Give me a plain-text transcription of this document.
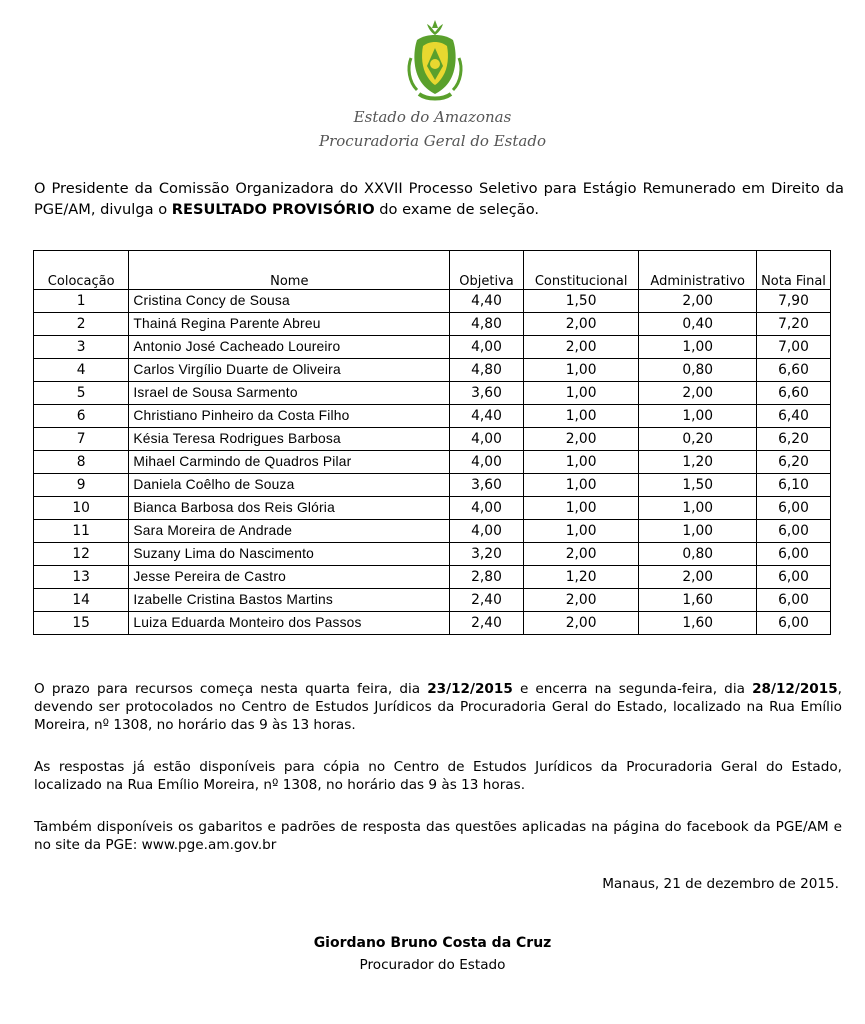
Estado do Amazonas
Procuradoria Geral do Estado
O Presidente da Comissão Organizadora do XXVII Processo Seletivo para Estágio Remunerado em Direito da PGE/AM, divulga o RESULTADO PROVISÓRIO do exame de seleção.
Colocação	Nome	Objetiva	Constitucional	Administrativo	Nota Final
1	Cristina Concy de Sousa	4,40	1,50	2,00	7,90
2	Thainá Regina Parente Abreu	4,80	2,00	0,40	7,20
3	Antonio José Cacheado Loureiro	4,00	2,00	1,00	7,00
4	Carlos Virgílio Duarte de Oliveira	4,80	1,00	0,80	6,60
5	Israel de Sousa Sarmento	3,60	1,00	2,00	6,60
6	Christiano Pinheiro da Costa Filho	4,40	1,00	1,00	6,40
7	Késia Teresa Rodrigues Barbosa	4,00	2,00	0,20	6,20
8	Mihael Carmindo de Quadros Pilar	4,00	1,00	1,20	6,20
9	Daniela Coêlho de Souza	3,60	1,00	1,50	6,10
10	Bianca Barbosa dos Reis Glória	4,00	1,00	1,00	6,00
11	Sara Moreira de Andrade	4,00	1,00	1,00	6,00
12	Suzany Lima do Nascimento	3,20	2,00	0,80	6,00
13	Jesse Pereira de Castro	2,80	1,20	2,00	6,00
14	Izabelle Cristina Bastos Martins	2,40	2,00	1,60	6,00
15	Luiza Eduarda Monteiro dos Passos	2,40	2,00	1,60	6,00
O prazo para recursos começa nesta quarta feira, dia 23/12/2015 e encerra na segunda-feira, dia 28/12/2015, devendo ser protocolados no Centro de Estudos Jurídicos da Procuradoria Geral do Estado, localizado na Rua Emílio Moreira, nº 1308, no horário das 9 às 13 horas.
As respostas já estão disponíveis para cópia no Centro de Estudos Jurídicos da Procuradoria Geral do Estado, localizado na Rua Emílio Moreira, nº 1308, no horário das 9 às 13 horas.
Também disponíveis os gabaritos e padrões de resposta das questões aplicadas na página do facebook da PGE/AM e no site da PGE: www.pge.am.gov.br
Manaus, 21 de dezembro de 2015.
Giordano Bruno Costa da Cruz
Procurador do Estado
